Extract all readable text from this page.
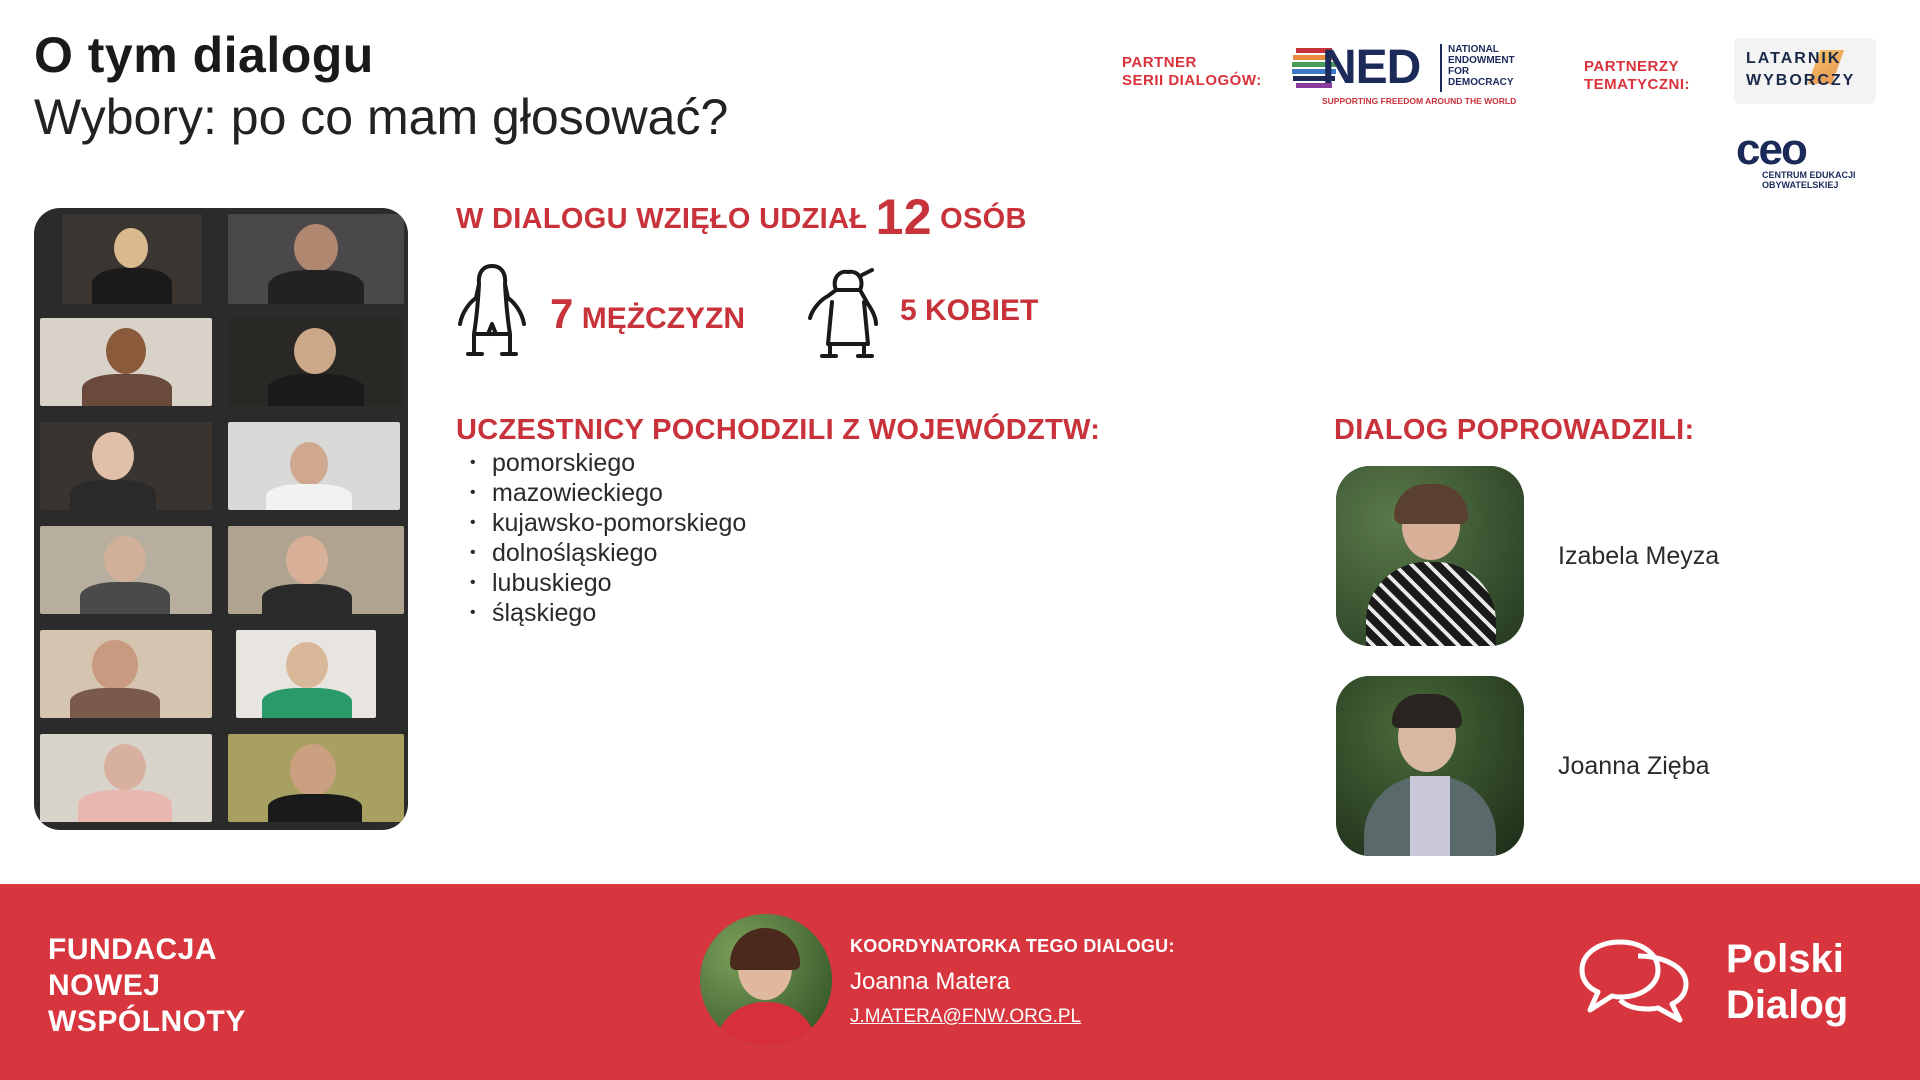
O tym dialogu
Wybory: po co mam głosować?
PARTNER
SERII DIALOGÓW: NED	NATIONAL
ENDOWMENT
FOR
DEMOCRACY
SUPPORTING FREEDOM AROUND THE WORLD
PARTNERZY
TEMATYCZNI:
LATARNIK
WYBORCZY
ceo
CENTRUM EDUKACJI
OBYWATELSKIEJ
W DIALOGU WZIĘŁO UDZIAŁ 12 OSÓB
7 MĘŻCZYZN	5 KOBIET
UCZESTNICY POCHODZILI Z WOJEWÓDZTW:
• pomorskiego
• mazowieckiego
• kujawsko-pomorskiego
• dolnośląskiego
• lubuskiego
• śląskiego
DIALOG POPROWADZILI:
Izabela Meyza
Joanna Zięba
FUNDACJA
NOWEJ
WSPÓLNOTY
KOORDYNATORKA TEGO DIALOGU:
Joanna Matera
J.MATERA@FNW.ORG.PL
Polski
Dialog
